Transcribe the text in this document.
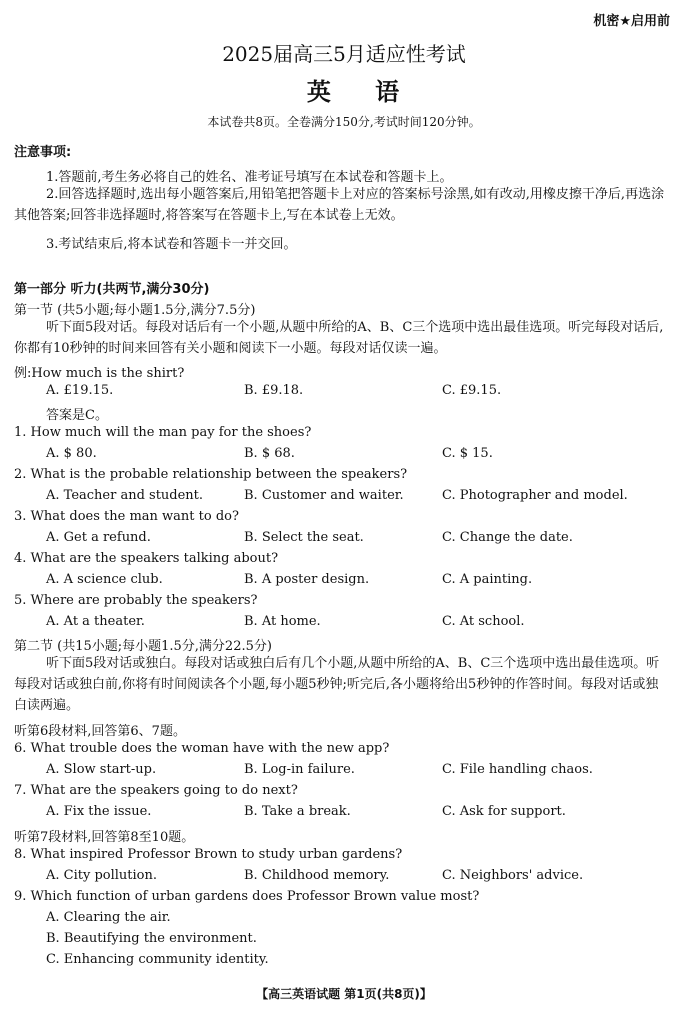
机密★启用前
2025届高三5月适应性考试
英 语
本试卷共8页。全卷满分150分,考试时间120分钟。
注意事项:
1.答题前,考生务必将自己的姓名、准考证号填写在本试卷和答题卡上。
2.回答选择题时,选出每小题答案后,用铅笔把答题卡上对应的答案标号涂黑,如有改动,用橡皮擦干净后,再选涂其他答案;回答非选择题时,将答案写在答题卡上,写在本试卷上无效。
3.考试结束后,将本试卷和答题卡一并交回。
第一部分 听力(共两节,满分30分)
第一节 (共5小题;每小题1.5分,满分7.5分)
听下面5段对话。每段对话后有一个小题,从题中所给的A、B、C三个选项中选出最佳选项。听完每段对话后,你都有10秒钟的时间来回答有关小题和阅读下一小题。每段对话仅读一遍。
例:How much is the shirt?
A. £19.15.	B. £9.18.	C. £9.15.
答案是C。
1. How much will the man pay for the shoes?
A. $ 80.	B. $ 68.	C. $ 15.
2. What is the probable relationship between the speakers?
A. Teacher and student.	B. Customer and waiter.	C. Photographer and model.
3. What does the man want to do?
A. Get a refund.	B. Select the seat.	C. Change the date.
4. What are the speakers talking about?
A. A science club.	B. A poster design.	C. A painting.
5. Where are probably the speakers?
A. At a theater.	B. At home.	C. At school.
第二节 (共15小题;每小题1.5分,满分22.5分)
听下面5段对话或独白。每段对话或独白后有几个小题,从题中所给的A、B、C三个选项中选出最佳选项。听每段对话或独白前,你将有时间阅读各个小题,每小题5秒钟;听完后,各小题将给出5秒钟的作答时间。每段对话或独白读两遍。
听第6段材料,回答第6、7题。
6. What trouble does the woman have with the new app?
A. Slow start-up.	B. Log-in failure.	C. File handling chaos.
7. What are the speakers going to do next?
A. Fix the issue.	B. Take a break.	C. Ask for support.
听第7段材料,回答第8至10题。
8. What inspired Professor Brown to study urban gardens?
A. City pollution.	B. Childhood memory.	C. Neighbors' advice.
9. Which function of urban gardens does Professor Brown value most?
A. Clearing the air.
B. Beautifying the environment.
C. Enhancing community identity.
【高三英语试题 第1页(共8页)】
